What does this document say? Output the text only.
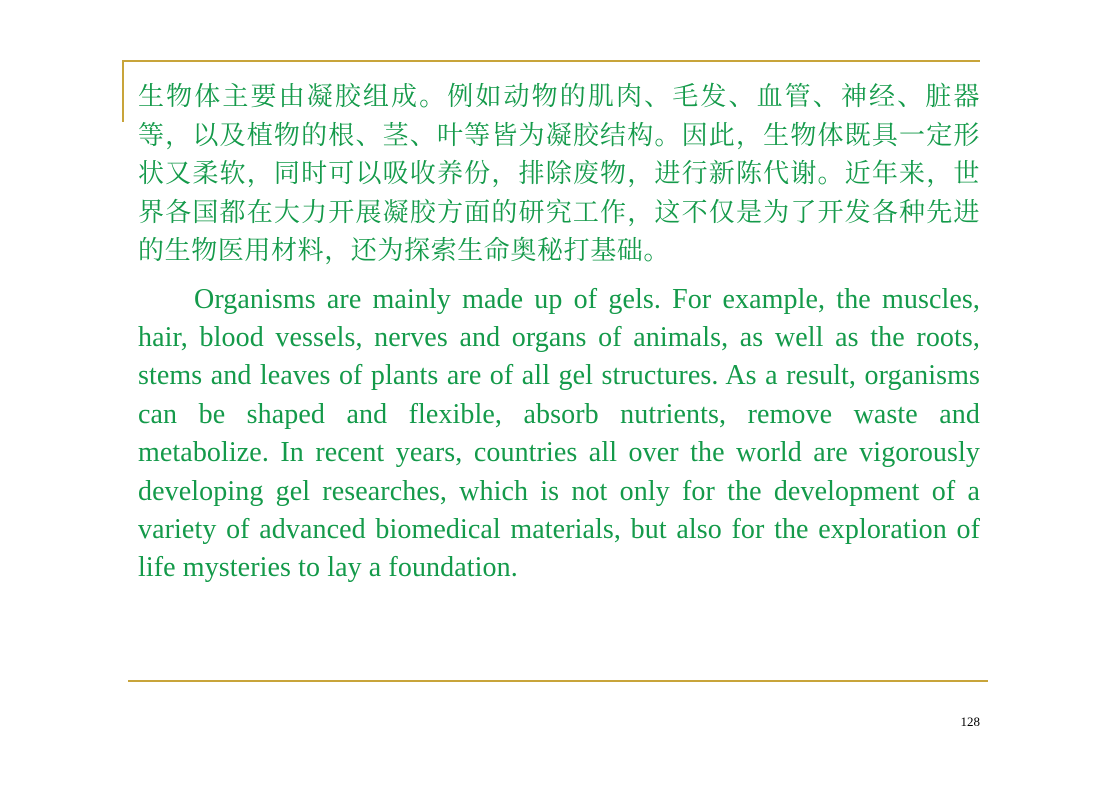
生物体主要由凝胶组成。例如动物的肌肉、毛发、血管、神经、脏器等，以及植物的根、茎、叶等皆为凝胶结构。因此，生物体既具一定形状又柔软，同时可以吸收养份，排除废物，进行新陈代谢。近年来，世界各国都在大力开展凝胶方面的研究工作，这不仅是为了开发各种先进的生物医用材料，还为探索生命奥秘打基础。

Organisms are mainly made up of gels. For example, the muscles, hair, blood vessels, nerves and organs of animals, as well as the roots, stems and leaves of plants are of all gel structures. As a result, organisms can be shaped and flexible, absorb nutrients, remove waste and metabolize. In recent years, countries all over the world are vigorously developing gel researches, which is not only for the development of a variety of advanced biomedical materials, but also for the exploration of life mysteries to lay a foundation.

128
